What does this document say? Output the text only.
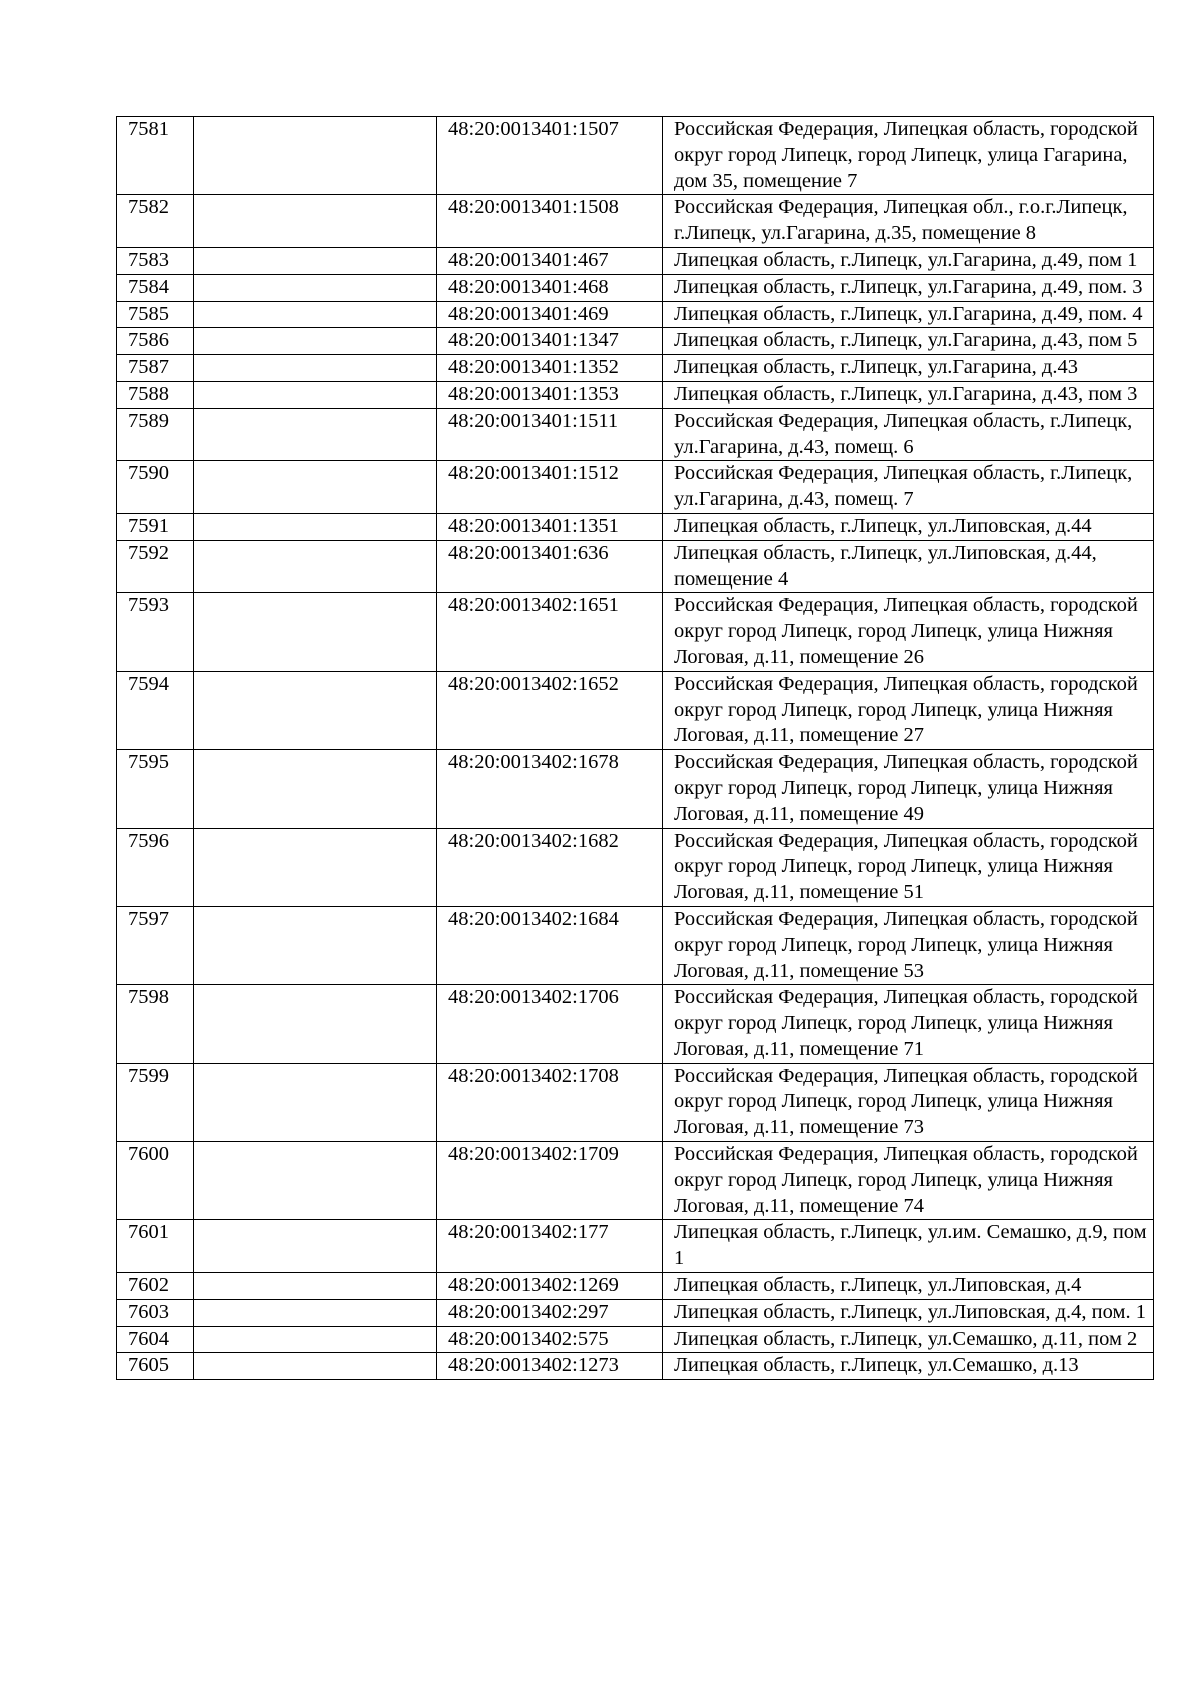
7581		48:20:0013401:1507	Российская Федерация, Липецкая область, городской округ город Липецк, город Липецк, улица Гагарина, дом 35, помещение 7
7582		48:20:0013401:1508	Российская Федерация, Липецкая обл., г.о.г.Липецк, г.Липецк, ул.Гагарина, д.35, помещение 8
7583		48:20:0013401:467	Липецкая область, г.Липецк, ул.Гагарина, д.49, пом 1
7584		48:20:0013401:468	Липецкая область, г.Липецк, ул.Гагарина, д.49, пом. 3
7585		48:20:0013401:469	Липецкая область, г.Липецк, ул.Гагарина, д.49, пом. 4
7586		48:20:0013401:1347	Липецкая область, г.Липецк, ул.Гагарина, д.43, пом 5
7587		48:20:0013401:1352	Липецкая область, г.Липецк, ул.Гагарина, д.43
7588		48:20:0013401:1353	Липецкая область, г.Липецк, ул.Гагарина, д.43, пом 3
7589		48:20:0013401:1511	Российская Федерация, Липецкая область, г.Липецк, ул.Гагарина, д.43, помещ. 6
7590		48:20:0013401:1512	Российская Федерация, Липецкая область, г.Липецк, ул.Гагарина, д.43, помещ. 7
7591		48:20:0013401:1351	Липецкая область, г.Липецк, ул.Липовская, д.44
7592		48:20:0013401:636	Липецкая область, г.Липецк, ул.Липовская, д.44, помещение 4
7593		48:20:0013402:1651	Российская Федерация, Липецкая область, городской округ город Липецк, город Липецк, улица Нижняя Логовая, д.11, помещение 26
7594		48:20:0013402:1652	Российская Федерация, Липецкая область, городской округ город Липецк, город Липецк, улица Нижняя Логовая, д.11, помещение 27
7595		48:20:0013402:1678	Российская Федерация, Липецкая область, городской округ город Липецк, город Липецк, улица Нижняя Логовая, д.11, помещение 49
7596		48:20:0013402:1682	Российская Федерация, Липецкая область, городской округ город Липецк, город Липецк, улица Нижняя Логовая, д.11, помещение 51
7597		48:20:0013402:1684	Российская Федерация, Липецкая область, городской округ город Липецк, город Липецк, улица Нижняя Логовая, д.11, помещение 53
7598		48:20:0013402:1706	Российская Федерация, Липецкая область, городской округ город Липецк, город Липецк, улица Нижняя Логовая, д.11, помещение 71
7599		48:20:0013402:1708	Российская Федерация, Липецкая область, городской округ город Липецк, город Липецк, улица Нижняя Логовая, д.11, помещение 73
7600		48:20:0013402:1709	Российская Федерация, Липецкая область, городской округ город Липецк, город Липецк, улица Нижняя Логовая, д.11, помещение 74
7601		48:20:0013402:177	Липецкая область, г.Липецк, ул.им. Семашко, д.9, пом 1
7602		48:20:0013402:1269	Липецкая область, г.Липецк, ул.Липовская, д.4
7603		48:20:0013402:297	Липецкая область, г.Липецк, ул.Липовская, д.4, пом. 1
7604		48:20:0013402:575	Липецкая область, г.Липецк, ул.Семашко, д.11, пом 2
7605		48:20:0013402:1273	Липецкая область, г.Липецк, ул.Семашко, д.13
